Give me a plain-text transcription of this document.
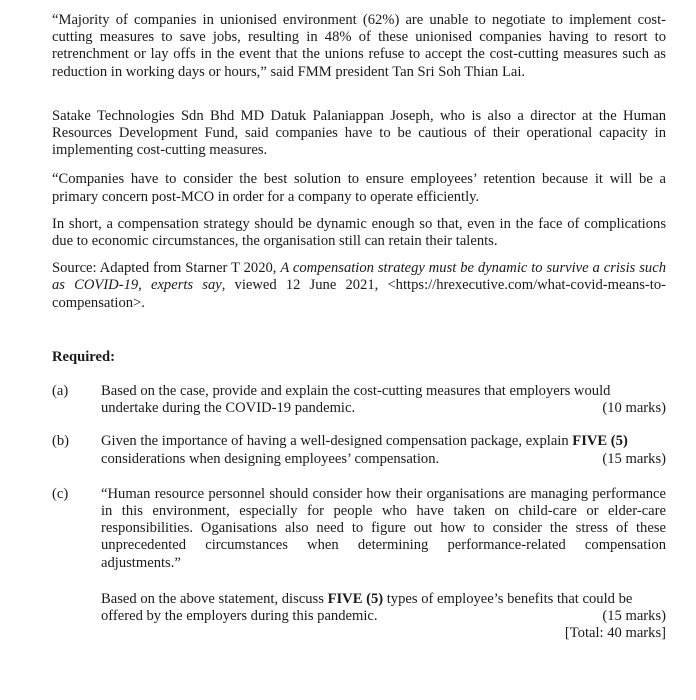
“Majority of companies in unionised environment (62%) are unable to negotiate to implement cost-cutting measures to save jobs, resulting in 48% of these unionised companies having to resort to retrenchment or lay offs in the event that the unions refuse to accept the cost-cutting measures such as reduction in working days or hours,” said FMM president Tan Sri Soh Thian Lai.

Satake Technologies Sdn Bhd MD Datuk Palaniappan Joseph, who is also a director at the Human Resources Development Fund, said companies have to be cautious of their operational capacity in implementing cost-cutting measures.

“Companies have to consider the best solution to ensure employees’ retention because it will be a primary concern post-MCO in order for a company to operate efficiently.

In short, a compensation strategy should be dynamic enough so that, even in the face of complications due to economic circumstances, the organisation still can retain their talents.

Source: Adapted from Starner T 2020, A compensation strategy must be dynamic to survive a crisis such as COVID-19, experts say, viewed 12 June 2021, <https://hrexecutive.com/what-covid-means-to-compensation>.

Required:
(a) Based on the case, provide and explain the cost-cutting measures that employers would
undertake during the COVID-19 pandemic.	(10 marks)
(b) Given the importance of having a well-designed compensation package, explain FIVE (5)
considerations when designing employees’ compensation.	(15 marks)
(c) “Human resource personnel should consider how their organisations are managing performance in this environment, especially for people who have taken on child-care or elder-care responsibilities. Oganisations also need to figure out how to consider the stress of these unprecedented circumstances when determining performance-related compensation adjustments.”

Based on the above statement, discuss FIVE (5) types of employee’s benefits that could be
offered by the employers during this pandemic.	(15 marks)
[Total: 40 marks]
